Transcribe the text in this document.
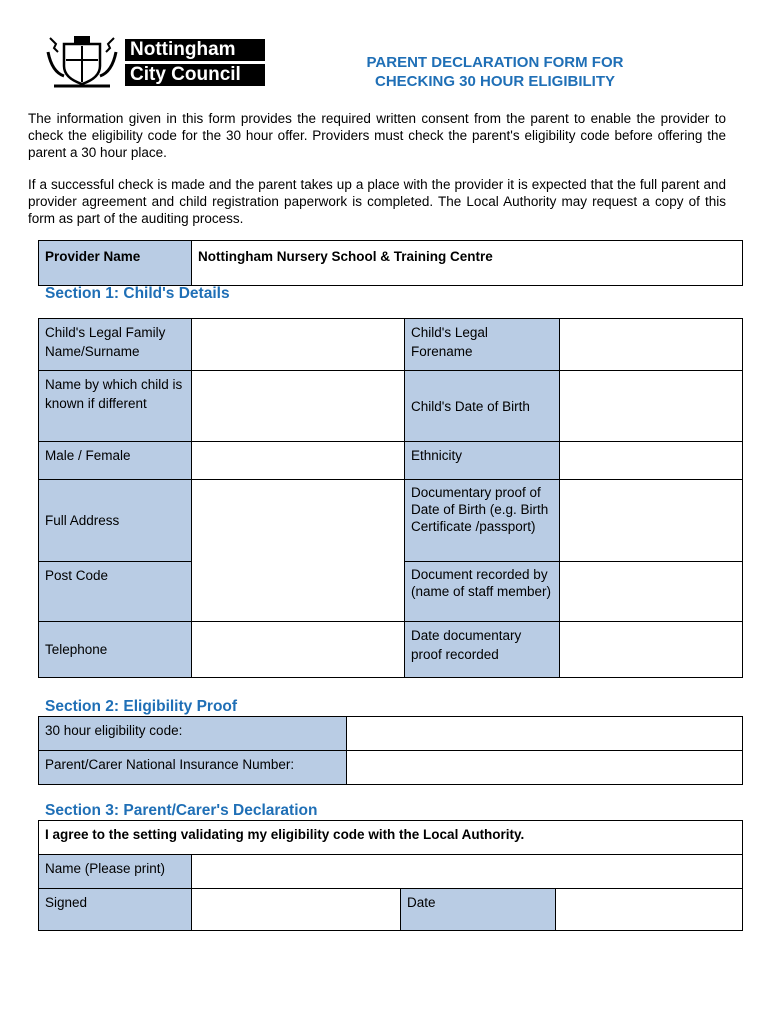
Nottingham
City Council
PARENT DECLARATION FORM FOR
CHECKING 30 HOUR ELIGIBILITY
The information given in this form provides the required written consent from the parent to enable the provider to check the eligibility code for the 30 hour offer. Providers must check the parent's eligibility code before offering the parent a 30 hour place.
If a successful check is made and the parent takes up a place with the provider it is expected that the full parent and provider agreement and child registration paperwork is completed. The Local Authority may request a copy of this form as part of the auditing process.
Provider Name	Nottingham Nursery School & Training Centre
Section 1: Child's Details
Child's Legal Family Name/Surname		Child's Legal Forename	
Name by which child is known if different		Child's Date of Birth	
Male / Female		Ethnicity	
Full Address		Documentary proof of Date of Birth (e.g. Birth Certificate /passport)	
Post Code		Document recorded by (name of staff member)	
Telephone		Date documentary proof recorded	
Section 2: Eligibility Proof
30 hour eligibility code:	
Parent/Carer National Insurance Number:	
Section 3: Parent/Carer's Declaration
I agree to the setting validating my eligibility code with the Local Authority.			
Name (Please print)			
Signed		Date	
